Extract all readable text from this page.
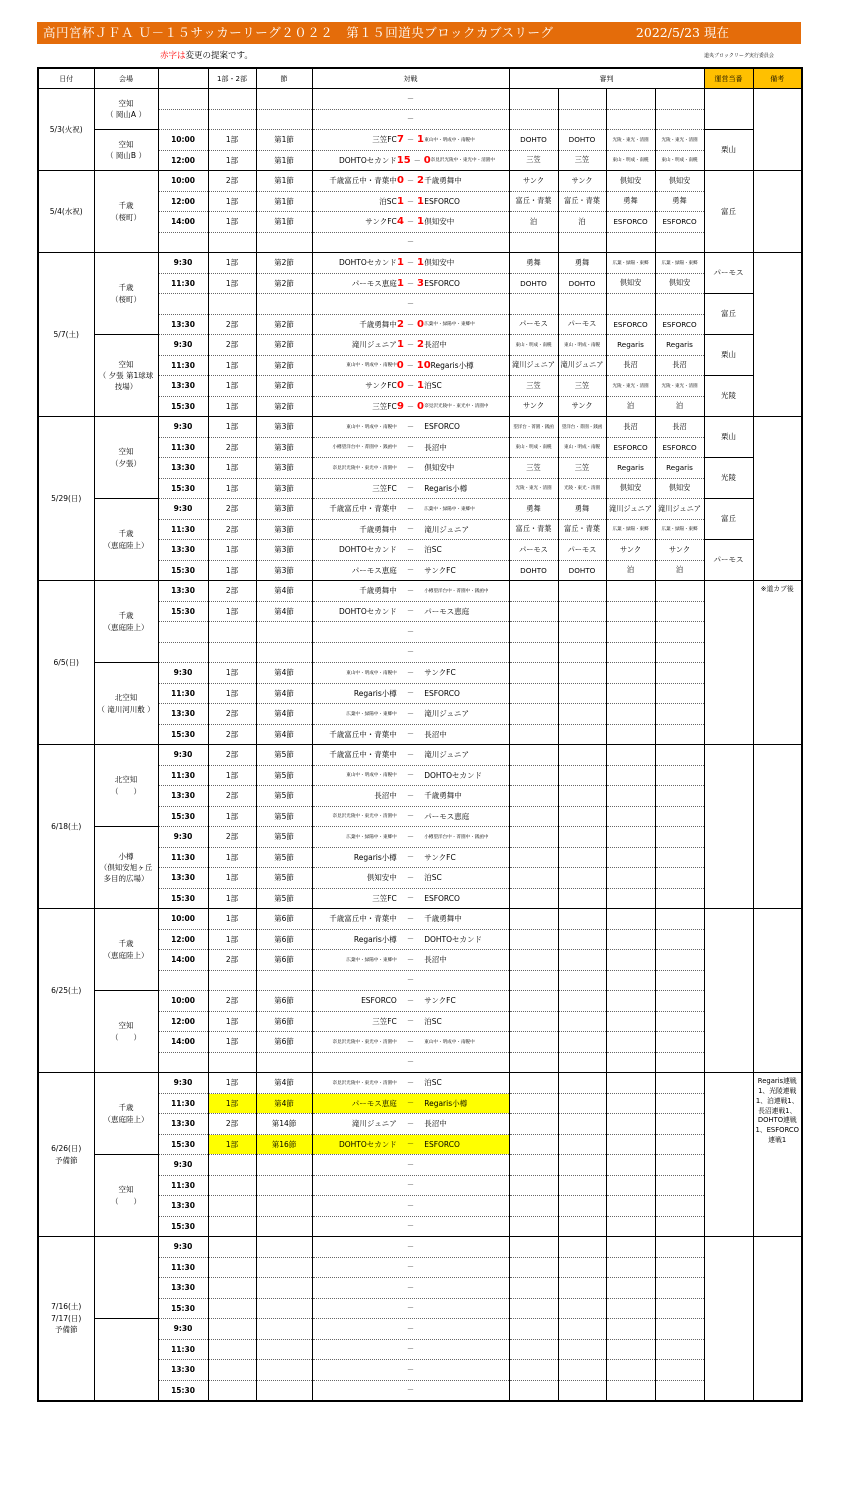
高円宮杯ＪＦＡ Ｕ－１５サッカーリーグ２０２２　第１５回道央ブロックカブスリーグ	2022/5/23 現在
赤字は変更の提案です。	道央ブロックリーグ実行委員会
日付	会場		1部・2部	節	対戦	審判				運営当番	備考
5/3(火祝)	空知
（ 岡山A ）				－						

					－						

	空知
（ 岡山B ）	10:00	1部	第1節	三笠FC 7 － 1 東山中・明成中・南幌中	DOHTO	DOHTO	光陵・東光・清園	光陵・東光・清園	栗山	
		12:00	1部	第1節	DOHTOセカンド 15 － 0 奈見沢光陵中・東光中・清園中	三笠	三笠	東山・明成・南幌	東山・明成・南幌		
5/4(水祝)	千歳
（桜町）	10:00	2部	第1節	千歳富丘中・青葉中 0 － 2 千歳勇舞中	サンク	サンク	倶知安	倶知安	富丘	
		12:00	1部	第1節	泊SC 1 － 1 ESFORCO	富丘・青葉	富丘・青葉	勇舞	勇舞		
		14:00	1部	第1節	サンクFC 4 － 1 倶知安中	泊	泊	ESFORCO	ESFORCO		

					－						

5/7(土)	千歳
（桜町）	9:30	1部	第2節	DOHTOセカンド 1 － 1 倶知安中	勇舞	勇舞	広葉・緑陽・東郷	広葉・緑陽・東郷	パーモス	
		11:30	1部	第2節	パーモス恵庭 1 － 3 ESFORCO	DOHTO	DOHTO	倶知安	倶知安		

					－					富丘	
		13:30	2部	第2節	千歳勇舞中 2 － 0 広葉中・緑陽中・東郷中	パーモス	パーモス	ESFORCO	ESFORCO		
	空知
（ 夕張 第1球球
技場）	9:30	2部	第2節	滝川ジュニア 1 － 2 長沼中	東山・明成・南幌	東山・明成・南幌	Regaris	Regaris	栗山	
		11:30	1部	第2節	東山中・明成中・南幌中 0 － 10 Regaris小樽	滝川ジュニア	滝川ジュニア	長沼	長沼		
		13:30	1部	第2節	サンクFC 0 － 1 泊SC	三笠	三笠	光陵・東光・清園	光陵・東光・清園	光陵	
		15:30	1部	第2節	三笠FC 9 － 0 奈見沢光陵中・東光中・清園中	サンク	サンク	泊	泊		
5/29(日)	空知
（夕張）	9:30	1部	第3節	東山中・明成中・南幌中 － ESFORCO	望洋台・菁園・銭函	望洋台・菁園・銭函	長沼	長沼	栗山	
		11:30	2部	第3節	小樽望洋台中・菁園中・銭函中 － 長沼中	東山・明成・南幌	東山・明成・南幌	ESFORCO	ESFORCO		
		13:30	1部	第3節	奈見沢光陵中・東光中・清園中 － 倶知安中	三笠	三笠	Regaris	Regaris	光陵	
		15:30	1部	第3節	三笠FC － Regaris小樽	光陵・東光・清園	光陵・東光・清園	倶知安	倶知安		
	千歳
（恵庭陸上）	9:30	2部	第3節	千歳富丘中・青葉中 － 広葉中・緑陽中・東郷中	勇舞	勇舞	滝川ジュニア	滝川ジュニア	富丘	
		11:30	2部	第3節	千歳勇舞中 － 滝川ジュニア	富丘・青葉	富丘・青葉	広葉・緑陽・東郷	広葉・緑陽・東郷		
		13:30	1部	第3節	DOHTOセカンド － 泊SC	パーモス	パーモス	サンク	サンク	パーモス	
		15:30	1部	第3節	パーモス恵庭 － サンクFC	DOHTO	DOHTO	泊	泊		
6/5(日)	千歳
（恵庭陸上）	13:30	2部	第4節	千歳勇舞中 － 小樽望洋台中・菁園中・銭函中						※道カブ後
		15:30	1部	第4節	DOHTOセカンド － パーモス恵庭						

					－						

					－						

	北空知
（ 滝川河川敷 ）	9:30	1部	第4節	東山中・明成中・南幌中 － サンクFC						

		11:30	1部	第4節	Regaris小樽 － ESFORCO						

		13:30	2部	第4節	広葉中・緑陽中・東郷中 － 滝川ジュニア						

		15:30	2部	第4節	千歳富丘中・青葉中 － 長沼中						

6/18(土)	北空知
（　　）	9:30	2部	第5節	千歳富丘中・青葉中 － 滝川ジュニア						

		11:30	1部	第5節	東山中・明成中・南幌中 － DOHTOセカンド						

		13:30	2部	第5節	長沼中 － 千歳勇舞中						

		15:30	1部	第5節	奈見沢光陵中・東光中・清園中 － パーモス恵庭						

	小樽
（倶知安旭ヶ丘
多目的広場）	9:30	2部	第5節	広葉中・緑陽中・東郷中 － 小樽望洋台中・菁園中・銭函中						

		11:30	1部	第5節	Regaris小樽 － サンクFC						

		13:30	1部	第5節	倶知安中 － 泊SC						

		15:30	1部	第5節	三笠FC － ESFORCO						

6/25(土)	千歳
（恵庭陸上）	10:00	1部	第6節	千歳富丘中・青葉中 － 千歳勇舞中						

		12:00	1部	第6節	Regaris小樽 － DOHTOセカンド						

		14:00	2部	第6節	広葉中・緑陽中・東郷中 － 長沼中						

					－						

	空知
（　　）	10:00	2部	第6節	ESFORCO － サンクFC						

		12:00	1部	第6節	三笠FC － 泊SC						

		14:00	1部	第6節	奈見沢光陵中・東光中・清園中 － 東山中・明成中・南幌中						

					－						

6/26(日)
予備節	千歳
（恵庭陸上）	9:30	1部	第4節	奈見沢光陵中・東光中・清園中 － 泊SC						Regaris連戦1、光陵連戦1、泊連戦1、長沼連戦1、DOHTO連戦1、ESFORCO連戦1
		11:30	1部	第4節	パーモス恵庭 － Regaris小樽						

		13:30	2部	第14節	滝川ジュニア － 長沼中						

		15:30	1部	第16節	DOHTOセカンド － ESFORCO						

	空知
（　　）	9:30			－						

		11:30			－						

		13:30			－						

		15:30			－						

7/16(土)
7/17(日)
予備節		9:30			－						

		11:30			－						

		13:30			－						

		15:30			－						

		9:30			－						

		11:30			－						

		13:30			－						

		15:30			－						
